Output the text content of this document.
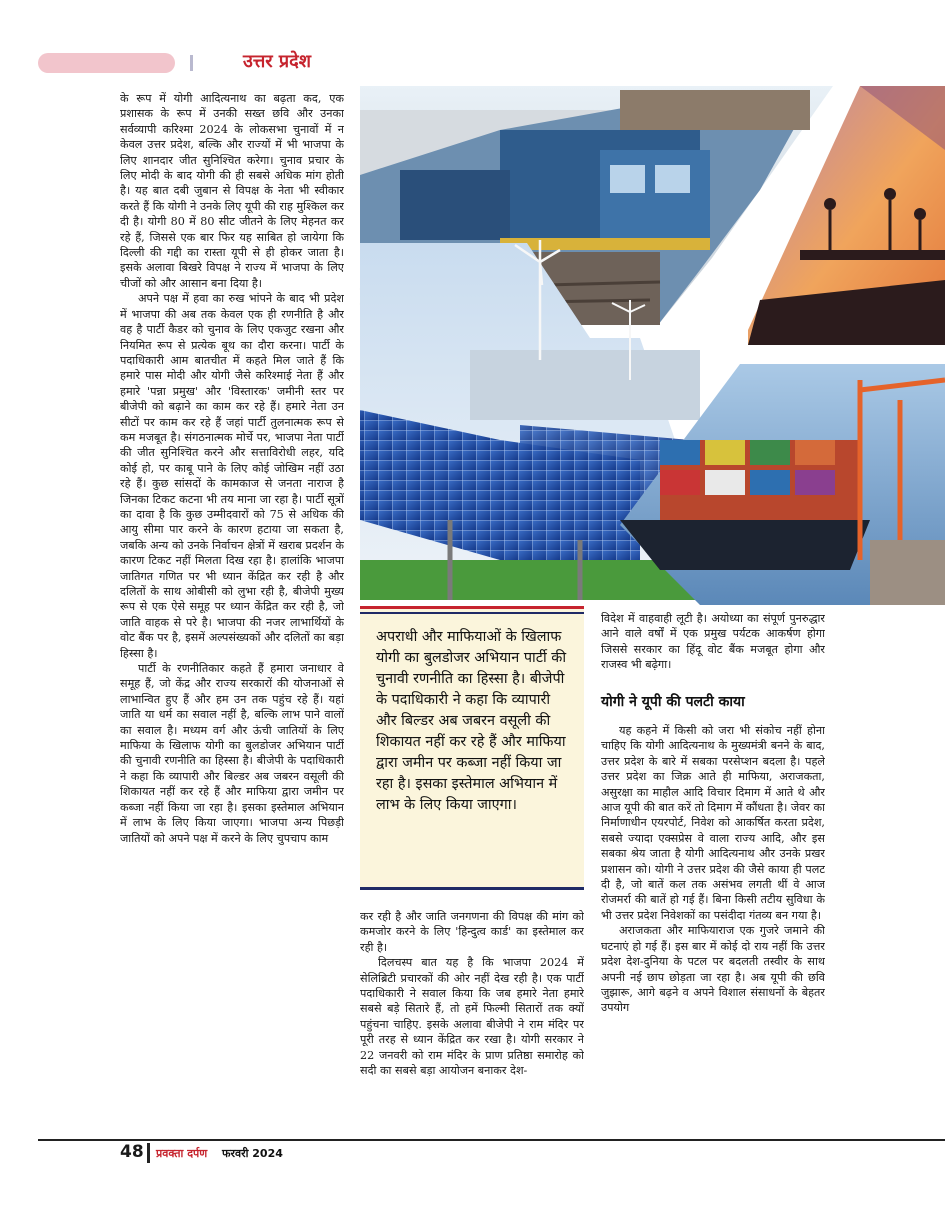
उत्तर प्रदेश

के रूप में योगी आदित्यनाथ का बढ़ता कद, एक प्रशासक के रूप में उनकी सख्त छवि और उनका सर्वव्यापी करिश्मा 2024 के लोकसभा चुनावों में न केवल उत्तर प्रदेश, बल्कि और राज्यों में भी भाजपा के लिए शानदार जीत सुनिश्चित करेगा। चुनाव प्रचार के लिए मोदी के बाद योगी की ही सबसे अधिक मांग होती है। यह बात दबी जुबान से विपक्ष के नेता भी स्वीकार करते हैं कि योगी ने उनके लिए यूपी की राह मुश्किल कर दी है। योगी 80 में 80 सीट जीतने के लिए मेहनत कर रहे हैं, जिससे एक बार फिर यह साबित हो जायेगा कि दिल्ली की गद्दी का रास्ता यूपी से ही होकर जाता है। इसके अलावा बिखरे विपक्ष ने राज्य में भाजपा के लिए चीजों को और आसान बना दिया है।

अपने पक्ष में हवा का रुख भांपने के बाद भी प्रदेश में भाजपा की अब तक केवल एक ही रणनीति है और वह है पार्टी कैडर को चुनाव के लिए एकजुट रखना और नियमित रूप से प्रत्येक बूथ का दौरा करना। पार्टी के पदाधिकारी आम बातचीत में कहते मिल जाते हैं कि हमारे पास मोदी और योगी जैसे करिश्माई नेता हैं और हमारे 'पन्ना प्रमुख' और 'विस्तारक' जमीनी स्तर पर बीजेपी को बढ़ाने का काम कर रहे हैं। हमारे नेता उन सीटों पर काम कर रहे हैं जहां पार्टी तुलनात्मक रूप से कम मजबूत है। संगठनात्मक मोर्चे पर, भाजपा नेता पार्टी की जीत सुनिश्चित करने और सत्ताविरोधी लहर, यदि कोई हो, पर काबू पाने के लिए कोई जोखिम नहीं उठा रहे हैं। कुछ सांसदों के कामकाज से जनता नाराज है जिनका टिकट कटना भी तय माना जा रहा है। पार्टी सूत्रों का दावा है कि कुछ उम्मीदवारों को 75 से अधिक की आयु सीमा पार करने के कारण हटाया जा सकता है, जबकि अन्य को उनके निर्वाचन क्षेत्रों में खराब प्रदर्शन के कारण टिकट नहीं मिलता दिख रहा है। हालांकि भाजपा जातिगत गणित पर भी ध्यान केंद्रित कर रही है और दलितों के साथ ओबीसी को लुभा रही है, बीजेपी मुख्य रूप से एक ऐसे समूह पर ध्यान केंद्रित कर रही है, जो जाति वाहक से परे है। भाजपा की नजर लाभार्थियों के वोट बैंक पर है, इसमें अल्पसंख्यकों और दलितों का बड़ा हिस्सा है।

पार्टी के रणनीतिकार कहते हैं हमारा जनाधार वे समूह हैं, जो केंद्र और राज्य सरकारों की योजनाओं से लाभान्वित हुए हैं और हम उन तक पहुंच रहे हैं। यहां जाति या धर्म का सवाल नहीं है, बल्कि लाभ पाने वालों का सवाल है। मध्यम वर्ग और ऊंची जातियों के लिए माफिया के खिलाफ योगी का बुलडोजर अभियान पार्टी की चुनावी रणनीति का हिस्सा है। बीजेपी के पदाधिकारी ने कहा कि व्यापारी और बिल्डर अब जबरन वसूली की शिकायत नहीं कर रहे हैं और माफिया द्वारा जमीन पर कब्जा नहीं किया जा रहा है। इसका इस्तेमाल अभियान में लाभ के लिए किया जाएगा। भाजपा अन्य पिछड़ी जातियों को अपने पक्ष में करने के लिए चुपचाप काम

अपराधी और माफियाओं के खिलाफ योगी का बुलडोजर अभियान पार्टी की चुनावी रणनीति का हिस्सा है। बीजेपी के पदाधिकारी ने कहा कि व्यापारी और बिल्डर अब जबरन वसूली की शिकायत नहीं कर रहे हैं और माफिया द्वारा जमीन पर कब्जा नहीं किया जा रहा है। इसका इस्तेमाल अभियान में लाभ के लिए किया जाएगा।

कर रही है और जाति जनगणना की विपक्ष की मांग को कमजोर करने के लिए 'हिन्दुत्व कार्ड' का इस्तेमाल कर रही है।

दिलचस्प बात यह है कि भाजपा 2024 में सेलिब्रिटी प्रचारकों की ओर नहीं देख रही है। एक पार्टी पदाधिकारी ने सवाल किया कि जब हमारे नेता हमारे सबसे बड़े सितारे हैं, तो हमें फिल्मी सितारों तक क्यों पहुंचना चाहिए. इसके अलावा बीजेपी ने राम मंदिर पर पूरी तरह से ध्यान केंद्रित कर रखा है। योगी सरकार ने 22 जनवरी को राम मंदिर के प्राण प्रतिष्ठा समारोह को सदी का सबसे बड़ा आयोजन बनाकर देश-

विदेश में वाहवाही लूटी है। अयोध्या का संपूर्ण पुनरुद्धार आने वाले वर्षों में एक प्रमुख पर्यटक आकर्षण होगा जिससे सरकार का हिंदू वोट बैंक मजबूत होगा और राजस्व भी बढ़ेगा।

योगी ने यूपी की पलटी काया

यह कहने में किसी को जरा भी संकोच नहीं होना चाहिए कि योगी आदित्यनाथ के मुख्यमंत्री बनने के बाद, उत्तर प्रदेश के बारे में सबका परसेप्शन बदला है। पहले उत्तर प्रदेश का जिक्र आते ही माफिया, अराजकता, असुरक्षा का माहौल आदि विचार दिमाग में आते थे और आज यूपी की बात करें तो दिमाग में कौंधता है। जेवर का निर्माणाधीन एयरपोर्ट, निवेश को आकर्षित करता प्रदेश, सबसे ज्यादा एक्सप्रेस वे वाला राज्य आदि, और इस सबका श्रेय जाता है योगी आदित्यनाथ और उनके प्रखर प्रशासन को। योगी ने उत्तर प्रदेश की जैसे काया ही पलट दी है, जो बातें कल तक असंभव लगती थीं वे आज रोजमर्रा की बातें हो गई हैं। बिना किसी तटीय सुविधा के भी उत्तर प्रदेश निवेशकों का पसंदीदा गंतव्य बन गया है।

अराजकता और माफियाराज एक गुजरे जमाने की घटनाएं हो गई हैं। इस बार में कोई दो राय नहीं कि उत्तर प्रदेश देश-दुनिया के पटल पर बदलती तस्वीर के साथ अपनी नई छाप छोड़ता जा रहा है। अब यूपी की छवि जुझारू, आगे बढ़ने व अपने विशाल संसाधनों के बेहतर उपयोग

48 प्रवक्ता दर्पण फरवरी 2024
